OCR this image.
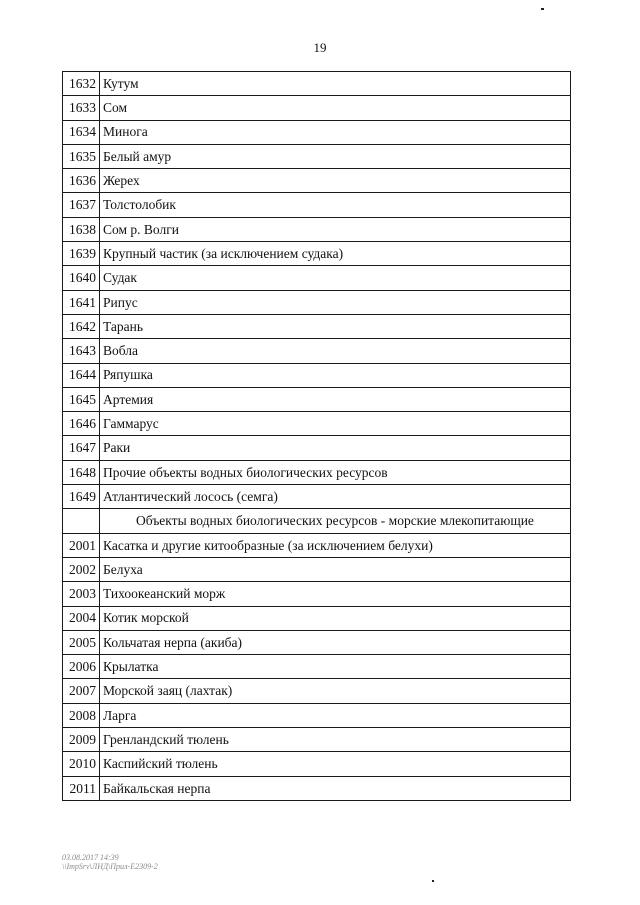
19
1632	Кутум
1633	Сом
1634	Минога
1635	Белый амур
1636	Жерех
1637	Толстолобик
1638	Сом р. Волги
1639	Крупный частик (за исключением судака)
1640	Судак
1641	Рипус
1642	Тарань
1643	Вобла
1644	Ряпушка
1645	Артемия
1646	Гаммарус
1647	Раки
1648	Прочие объекты водных биологических ресурсов
1649	Атлантический лосось (семга)
	Объекты водных биологических ресурсов - морские млекопитающие
2001	Касатка и другие китообразные (за исключением белухи)
2002	Белуха
2003	Тихоокеанский морж
2004	Котик морской
2005	Кольчатая нерпа (акиба)
2006	Крылатка
2007	Морской заяц (лахтак)
2008	Ларга
2009	Гренландский тюлень
2010	Каспийский тюлень
2011	Байкальская нерпа
03.08.2017 14:39
\\ImpSrv\ЛНД\Прил-E2309-2
